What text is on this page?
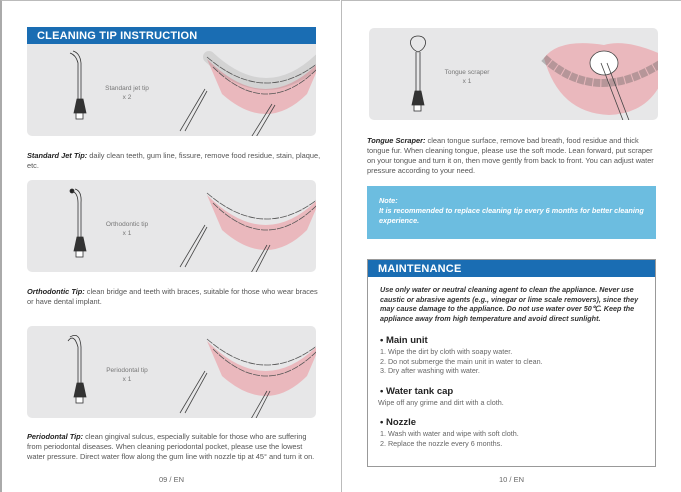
CLEANING TIP INSTRUCTION
Standard jet tip
x 2
Standard Jet Tip: daily clean teeth, gum line, fissure, remove food residue, stain, plaque, etc.
Orthodontic tip
x 1
Orthodontic Tip: clean bridge and teeth with braces, suitable for those who wear braces or have dental implant.
Periodontal tip
x 1
Periodontal Tip: clean gingival sulcus, especially suitable for those who are suffering from periodontal diseases. When cleaning periodontal pocket, please use the lowest water pressure. Direct water flow along the gum line with nozzle tip at 45° and turn it on.
09 / EN
Tongue scraper
x 1
Tongue Scraper: clean tongue surface, remove bad breath, food residue and thick tongue fur. When cleaning tongue, please use the soft mode. Lean forward, put scraper on your tongue and turn it on, then move gently from back to front. You can adjust water pressure according to your need.
Note:
It is recommended to replace cleaning tip every 6 months for better cleaning experience.
MAINTENANCE
Use only water or neutral cleaning agent to clean the appliance. Never use caustic or abrasive agents (e.g., vinegar or lime scale removers), since they may cause damage to the appliance. Do not use water over 50℃. Keep the appliance away from high temperature and avoid direct sunlight.
• Main unit
1. Wipe the dirt by cloth with soapy water.
2. Do not submerge the main unit in water to clean.
3. Dry after washing with water.
• Water tank cap
Wipe off any grime and dirt with a cloth.
• Nozzle
1. Wash with water and wipe with soft cloth.
2. Replace the nozzle every 6 months.
10 / EN
